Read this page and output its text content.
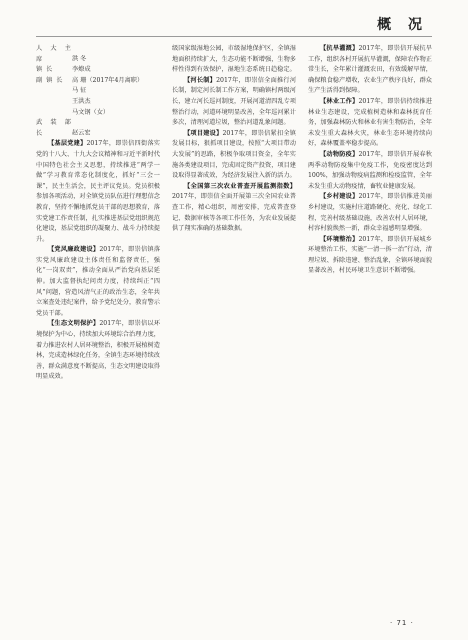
概 况

人 大 主 席	洪 冬

镇 长	李燎成

副 镇 长 高 珊（2017年4月离职）

马 征

王洪杰

马文钢（女）

武 装 部 长	赵云宏

【基层党建】2017年，即崇信四街落实党的十八大、十九大会议精神和习近平新时代中国特色社会主义思想，持续推进“两学一做”学习教育常态化制度化，抓好“三会一课”，民主生活会，民主评议党员。党员积极参加各项活动，对全镇党员队伍进行理想信念教育，坚持不懈地抓党员干部的思想教育，落实党建工作责任制，扎实推进基层党组织规范化建设，基层党组织的凝聚力、战斗力持续提升。

【党风廉政建设】2017年，即崇信镇落实党风廉政建设主体责任和监督责任，强化“一岗双责”，推动全面从严治党向基层延伸。加大监督执纪问责力度，持续纠正“四风”问题，营造风清气正的政治生态，全年共立案查处违纪案件，给予党纪处分，教育警示党员干部。

【生态文明保护】2017年，即崇信以环境保护为中心，持续加大环境综合治理力度，着力推进农村人居环境整治，积极开展植树造林，完成造林绿化任务，全镇生态环境持续改善，群众满意度不断提高，生态文明建设取得明显成效。

级国家级湿地公园，市级湿地保护区，全镇湿地面积持续扩大，生态功能不断增强，生物多样性得到有效保护，湿地生态系统日趋稳定。

【河长制】2017年，即崇信全面推行河长制，制定河长制工作方案，明确镇村两级河长，建立河长巡河制度，开展河道清四乱专项整治行动，河道环境明显改善，全年巡河累计多次，清理河道垃圾，整治河道乱象问题。

【项目建设】2017年，即崇信紧扣全镇发展目标，狠抓项目建设，按照“大项目带动大发展”的思路，积极争取项目资金，全年实施各类建设项目，完成固定资产投资，项目建设取得显著成效，为经济发展注入新的活力。

【全国第三次农业普查开展监测指数】2017年，即崇信全面开展第三次全国农业普查工作，精心组织，周密安排，完成普查登记、数据审核等各项工作任务，为农业发展提供了翔实准确的基础数据。

【抗旱灌溉】2017年，即崇信开展抗旱工作，组织各村开展抗旱灌溉，保障农作物正常生长，全年累计灌溉农田，有效缓解旱情，确保粮食稳产增收，农业生产秩序良好，群众生产生活得到保障。

【林业工作】2017年，即崇信持续推进林业生态建设，完成植树造林和森林抚育任务，加强森林防火和林业有害生物防治，全年未发生重大森林火灾，林业生态环境持续向好，森林覆盖率稳步提高。

【动物防疫】2017年，即崇信开展春秋两季动物防疫集中免疫工作，免疫密度达到100%，加强动物疫病监测和检疫监管，全年未发生重大动物疫情，畜牧业健康发展。

【乡村建设】2017年，即崇信推进美丽乡村建设，实施村庄道路硬化、亮化、绿化工程，完善村级基础设施，改善农村人居环境，村容村貌焕然一新，群众幸福感明显增强。

【环境整治】2017年，即崇信开展城乡环境整治工作，实施“一清一拆一治”行动，清理垃圾、拆除违建、整治乱象，全镇环境面貌显著改善，村民环境卫生意识不断增强。

· 71 ·
